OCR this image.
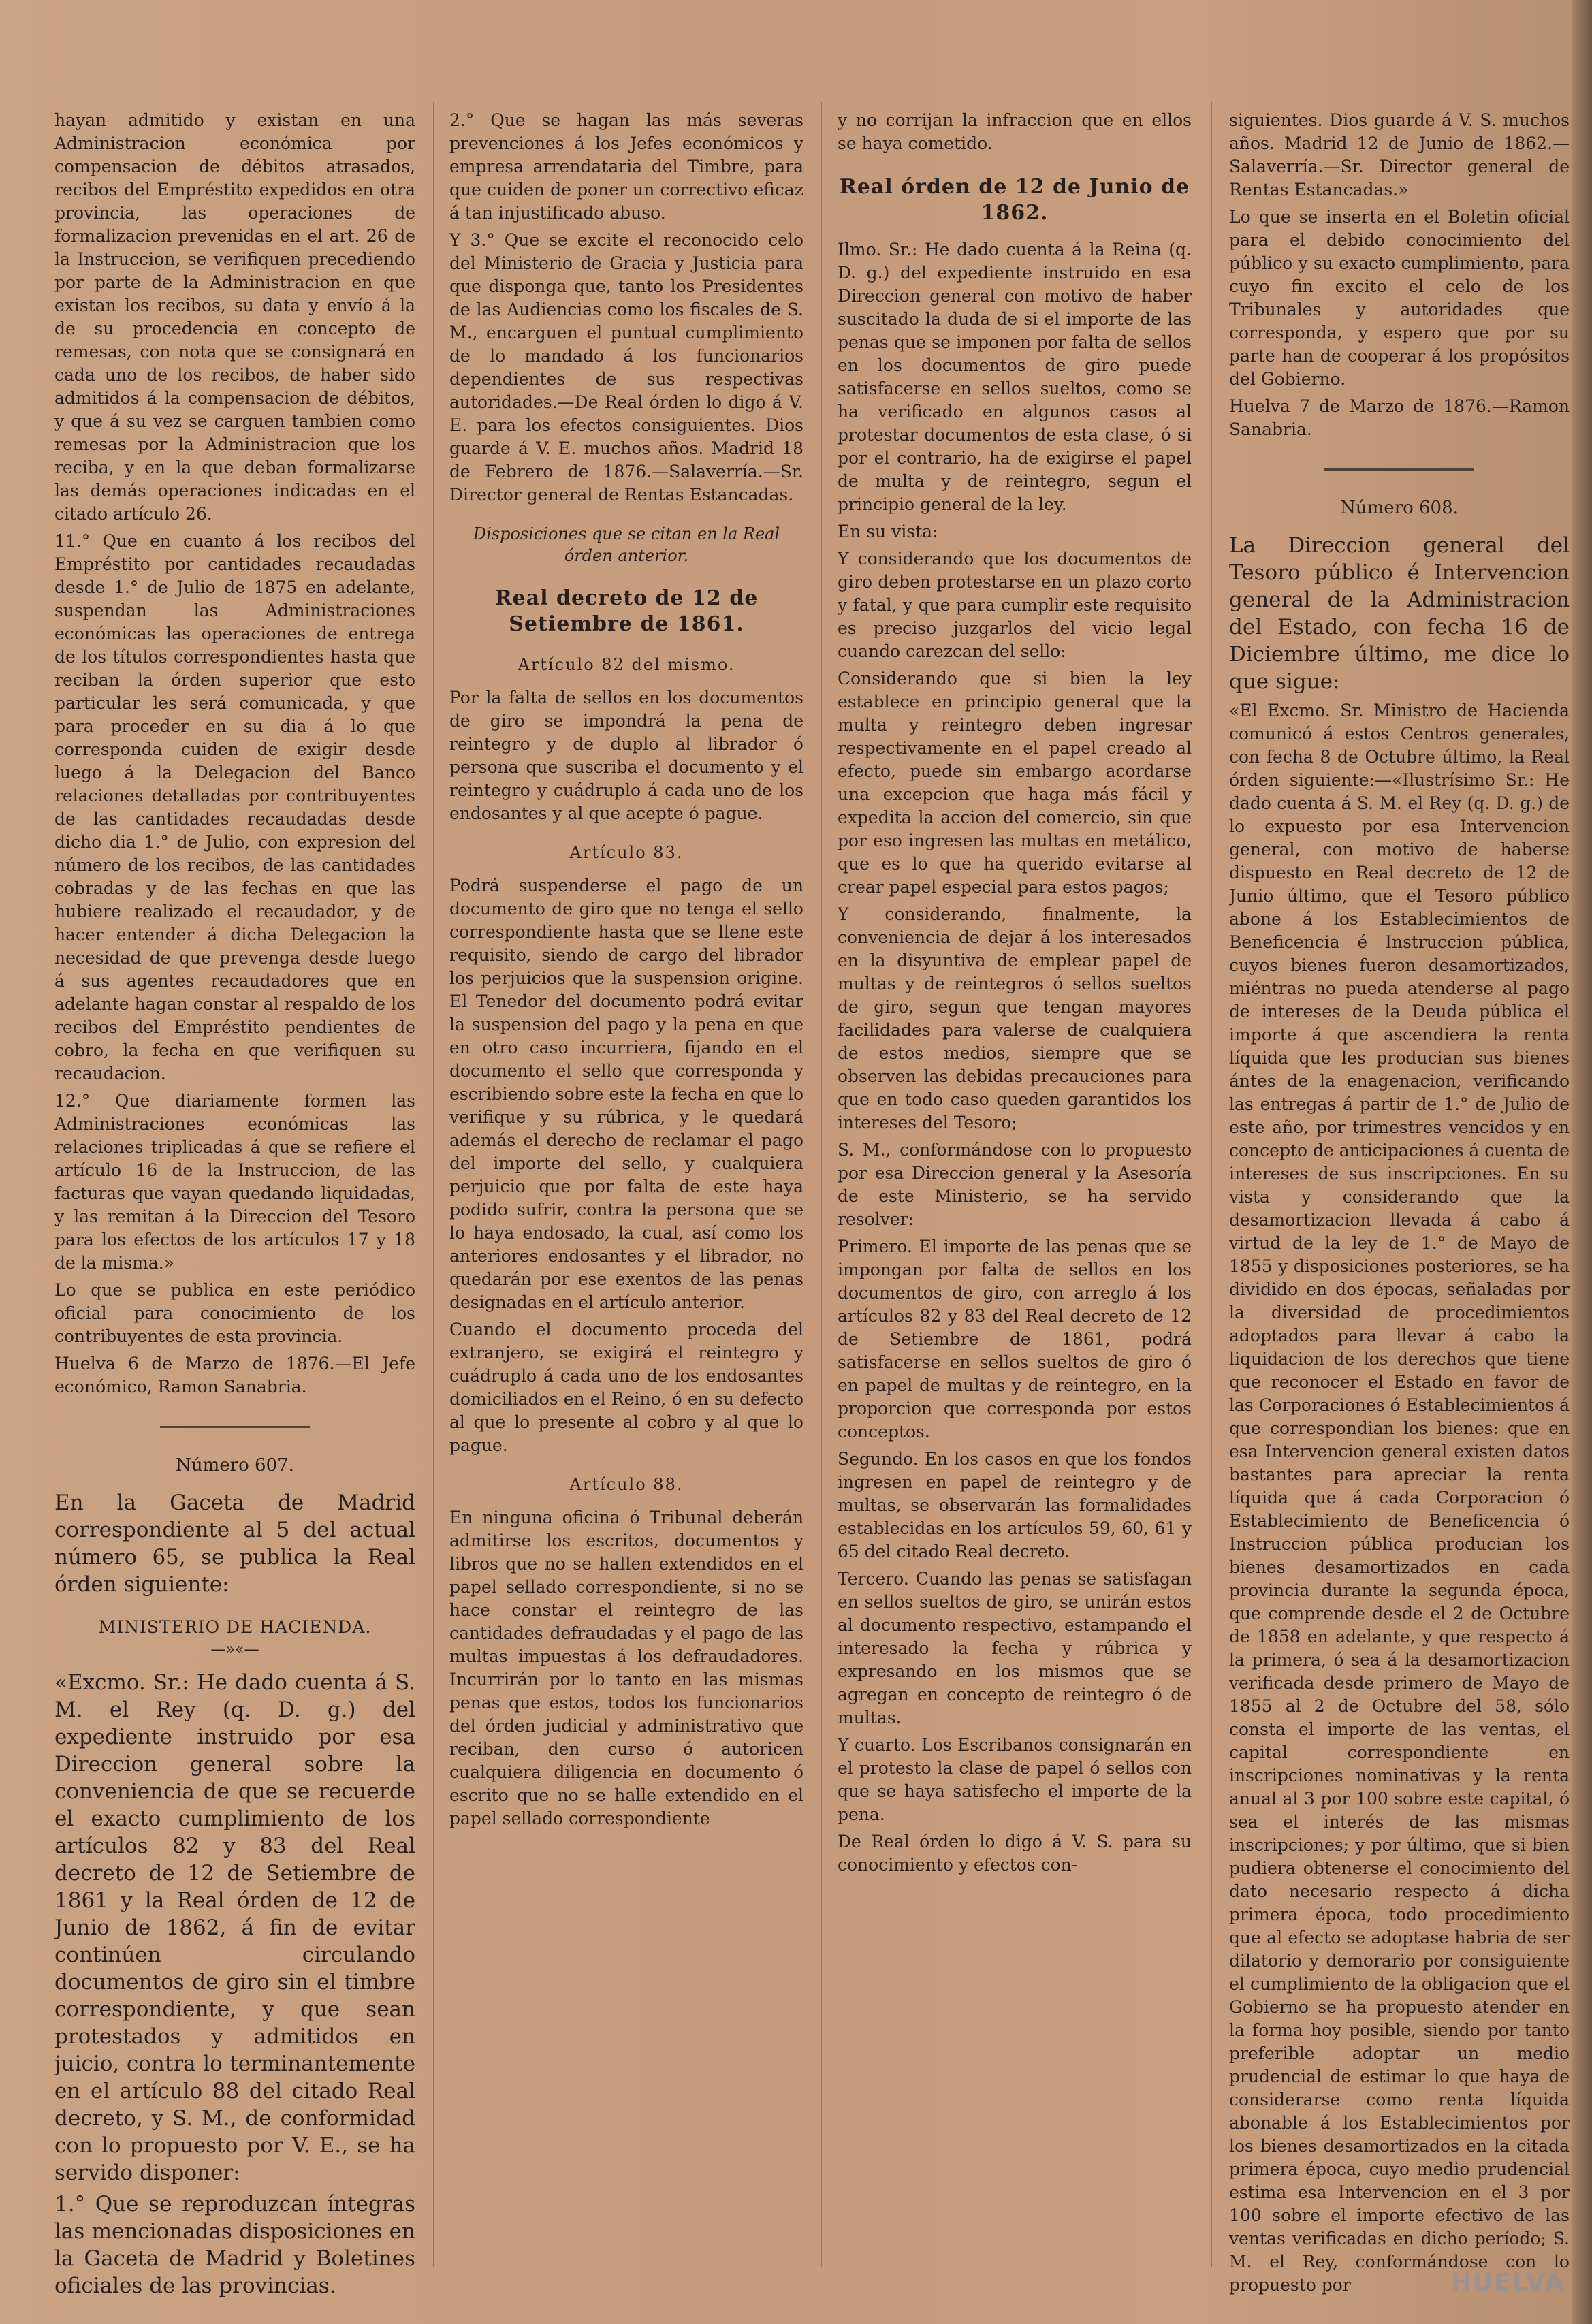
hayan admitido y existan en una Administracion económica por compensacion de débitos atrasados, recibos del Empréstito expedidos en otra provincia, las operaciones de formalizacion prevenidas en el art. 26 de la Instruccion, se verifiquen precediendo por parte de la Administracion en que existan los recibos, su data y envío á la de su procedencia en concepto de remesas, con nota que se consignará en cada uno de los recibos, de haber sido admitidos á la compensacion de débitos, y que á su vez se carguen tambien como remesas por la Administracion que los reciba, y en la que deban formalizarse las demás operaciones indicadas en el citado artículo 26.

11.° Que en cuanto á los recibos del Empréstito por cantidades recaudadas desde 1.° de Julio de 1875 en adelante, suspendan las Administraciones económicas las operaciones de entrega de los títulos correspondientes hasta que reciban la órden superior que esto particular les será comunicada, y que para proceder en su dia á lo que corresponda cuiden de exigir desde luego á la Delegacion del Banco relaciones detalladas por contribuyentes de las cantidades recaudadas desde dicho dia 1.° de Julio, con expresion del número de los recibos, de las cantidades cobradas y de las fechas en que las hubiere realizado el recaudador, y de hacer entender á dicha Delegacion la necesidad de que prevenga desde luego á sus agentes recaudadores que en adelante hagan constar al respaldo de los recibos del Empréstito pendientes de cobro, la fecha en que verifiquen su recaudacion.

12.° Que diariamente formen las Administraciones económicas las relaciones triplicadas á que se refiere el artículo 16 de la Instruccion, de las facturas que vayan quedando liquidadas, y las remitan á la Direccion del Tesoro para los efectos de los artículos 17 y 18 de la misma.»

Lo que se publica en este periódico oficial para conocimiento de los contribuyentes de esta provincia.

Huelva 6 de Marzo de 1876.—El Jefe económico, Ramon Sanabria.

Número 607.

En la Gaceta de Madrid correspondiente al 5 del actual número 65, se publica la Real órden siguiente:

MINISTERIO DE HACIENDA.
—»«—

«Excmo. Sr.: He dado cuenta á S. M. el Rey (q. D. g.) del expediente instruido por esa Direccion general sobre la conveniencia de que se recuerde el exacto cumplimiento de los artículos 82 y 83 del Real decreto de 12 de Setiembre de 1861 y la Real órden de 12 de Junio de 1862, á fin de evitar continúen circulando documentos de giro sin el timbre correspondiente, y que sean protestados y admitidos en juicio, contra lo terminantemente en el artículo 88 del citado Real decreto, y S. M., de conformidad con lo propuesto por V. E., se ha servido disponer:

1.° Que se reproduzcan íntegras las mencionadas disposiciones en la Gaceta de Madrid y Boletines oficiales de las provincias.

2.° Que se hagan las más severas prevenciones á los Jefes económicos y empresa arrendataria del Timbre, para que cuiden de poner un correctivo eficaz á tan injustificado abuso.

Y 3.° Que se excite el reconocido celo del Ministerio de Gracia y Justicia para que disponga que, tanto los Presidentes de las Audiencias como los fiscales de S. M., encarguen el puntual cumplimiento de lo mandado á los funcionarios dependientes de sus respectivas autoridades.—De Real órden lo digo á V. E. para los efectos consiguientes. Dios guarde á V. E. muchos años. Madrid 18 de Febrero de 1876.—Salaverría.—Sr. Director general de Rentas Estancadas.

Disposiciones que se citan en la Real órden anterior.
Real decreto de 12 de Setiembre de 1861.
Artículo 82 del mismo.

Por la falta de sellos en los documentos de giro se impondrá la pena de reintegro y de duplo al librador ó persona que suscriba el documento y el reintegro y cuádruplo á cada uno de los endosantes y al que acepte ó pague.

Artículo 83.

Podrá suspenderse el pago de un documento de giro que no tenga el sello correspondiente hasta que se llene este requisito, siendo de cargo del librador los perjuicios que la suspension origine. El Tenedor del documento podrá evitar la suspension del pago y la pena en que en otro caso incurriera, fijando en el documento el sello que corresponda y escribiendo sobre este la fecha en que lo verifique y su rúbrica, y le quedará además el derecho de reclamar el pago del importe del sello, y cualquiera perjuicio que por falta de este haya podido sufrir, contra la persona que se lo haya endosado, la cual, así como los anteriores endosantes y el librador, no quedarán por ese exentos de las penas designadas en el artículo anterior.

Cuando el documento proceda del extranjero, se exigirá el reintegro y cuádruplo á cada uno de los endosantes domiciliados en el Reino, ó en su defecto al que lo presente al cobro y al que lo pague.

Artículo 88.

En ninguna oficina ó Tribunal deberán admitirse los escritos, documentos y libros que no se hallen extendidos en el papel sellado correspondiente, si no se hace constar el reintegro de las cantidades defraudadas y el pago de las multas impuestas á los defraudadores. Incurrirán por lo tanto en las mismas penas que estos, todos los funcionarios del órden judicial y administrativo que reciban, den curso ó autoricen cualquiera diligencia en documento ó escrito que no se halle extendido en el papel sellado correspondiente

y no corrijan la infraccion que en ellos se haya cometido.

Real órden de 12 de Junio de 1862.

Ilmo. Sr.: He dado cuenta á la Reina (q. D. g.) del expediente instruido en esa Direccion general con motivo de haber suscitado la duda de si el importe de las penas que se imponen por falta de sellos en los documentos de giro puede satisfacerse en sellos sueltos, como se ha verificado en algunos casos al protestar documentos de esta clase, ó si por el contrario, ha de exigirse el papel de multa y de reintegro, segun el principio general de la ley.

En su vista:

Y considerando que los documentos de giro deben protestarse en un plazo corto y fatal, y que para cumplir este requisito es preciso juzgarlos del vicio legal cuando carezcan del sello:

Considerando que si bien la ley establece en principio general que la multa y reintegro deben ingresar respectivamente en el papel creado al efecto, puede sin embargo acordarse una excepcion que haga más fácil y expedita la accion del comercio, sin que por eso ingresen las multas en metálico, que es lo que ha querido evitarse al crear papel especial para estos pagos;

Y considerando, finalmente, la conveniencia de dejar á los interesados en la disyuntiva de emplear papel de multas y de reintegros ó sellos sueltos de giro, segun que tengan mayores facilidades para valerse de cualquiera de estos medios, siempre que se observen las debidas precauciones para que en todo caso queden garantidos los intereses del Tesoro;

S. M., conformándose con lo propuesto por esa Direccion general y la Asesoría de este Ministerio, se ha servido resolver:

Primero. El importe de las penas que se impongan por falta de sellos en los documentos de giro, con arreglo á los artículos 82 y 83 del Real decreto de 12 de Setiembre de 1861, podrá satisfacerse en sellos sueltos de giro ó en papel de multas y de reintegro, en la proporcion que corresponda por estos conceptos.

Segundo. En los casos en que los fondos ingresen en papel de reintegro y de multas, se observarán las formalidades establecidas en los artículos 59, 60, 61 y 65 del citado Real decreto.

Tercero. Cuando las penas se satisfagan en sellos sueltos de giro, se unirán estos al documento respectivo, estampando el interesado la fecha y rúbrica y expresando en los mismos que se agregan en concepto de reintegro ó de multas.

Y cuarto. Los Escribanos consignarán en el protesto la clase de papel ó sellos con que se haya satisfecho el importe de la pena.

De Real órden lo digo á V. S. para su conocimiento y efectos con-

siguientes. Dios guarde á V. S. muchos años. Madrid 12 de Junio de 1862.—Salaverría.—Sr. Director general de Rentas Estancadas.»

Lo que se inserta en el Boletin oficial para el debido conocimiento del público y su exacto cumplimiento, para cuyo fin excito el celo de los Tribunales y autoridades que corresponda, y espero que por su parte han de cooperar á los propósitos del Gobierno.

Huelva 7 de Marzo de 1876.—Ramon Sanabria.

Número 608.

La Direccion general del Tesoro público é Intervencion general de la Administracion del Estado, con fecha 16 de Diciembre último, me dice lo que sigue:

«El Excmo. Sr. Ministro de Hacienda comunicó á estos Centros generales, con fecha 8 de Octubre último, la Real órden siguiente:—«Ilustrísimo Sr.: He dado cuenta á S. M. el Rey (q. D. g.) de lo expuesto por esa Intervencion general, con motivo de haberse dispuesto en Real decreto de 12 de Junio último, que el Tesoro público abone á los Establecimientos de Beneficencia é Instruccion pública, cuyos bienes fueron desamortizados, miéntras no pueda atenderse al pago de intereses de la Deuda pública el importe á que ascendiera la renta líquida que les producian sus bienes ántes de la enagenacion, verificando las entregas á partir de 1.° de Julio de este año, por trimestres vencidos y en concepto de anticipaciones á cuenta de intereses de sus inscripciones. En su vista y considerando que la desamortizacion llevada á cabo á virtud de la ley de 1.° de Mayo de 1855 y disposiciones posteriores, se ha dividido en dos épocas, señaladas por la diversidad de procedimientos adoptados para llevar á cabo la liquidacion de los derechos que tiene que reconocer el Estado en favor de las Corporaciones ó Establecimientos á que correspondian los bienes: que en esa Intervencion general existen datos bastantes para apreciar la renta líquida que á cada Corporacion ó Establecimiento de Beneficencia ó Instruccion pública producian los bienes desamortizados en cada provincia durante la segunda época, que comprende desde el 2 de Octubre de 1858 en adelante, y que respecto á la primera, ó sea á la desamortizacion verificada desde primero de Mayo de 1855 al 2 de Octubre del 58, sólo consta el importe de las ventas, el capital correspondiente en inscripciones nominativas y la renta anual al 3 por 100 sobre este capital, ó sea el interés de las mismas inscripciones; y por último, que si bien pudiera obtenerse el conocimiento del dato necesario respecto á dicha primera época, todo procedimiento que al efecto se adoptase habria de ser dilatorio y demorario por consiguiente el cumplimiento de la obligacion que el Gobierno se ha propuesto atender en la forma hoy posible, siendo por tanto preferible adoptar un medio prudencial de estimar lo que haya de considerarse como renta líquida abonable á los Establecimientos por los bienes desamortizados en la citada primera época, cuyo medio prudencial estima esa Intervencion en el 3 por 100 sobre el importe efectivo de las ventas verificadas en dicho período; S. M. el Rey, conformándose con lo propuesto por	HUELVA
